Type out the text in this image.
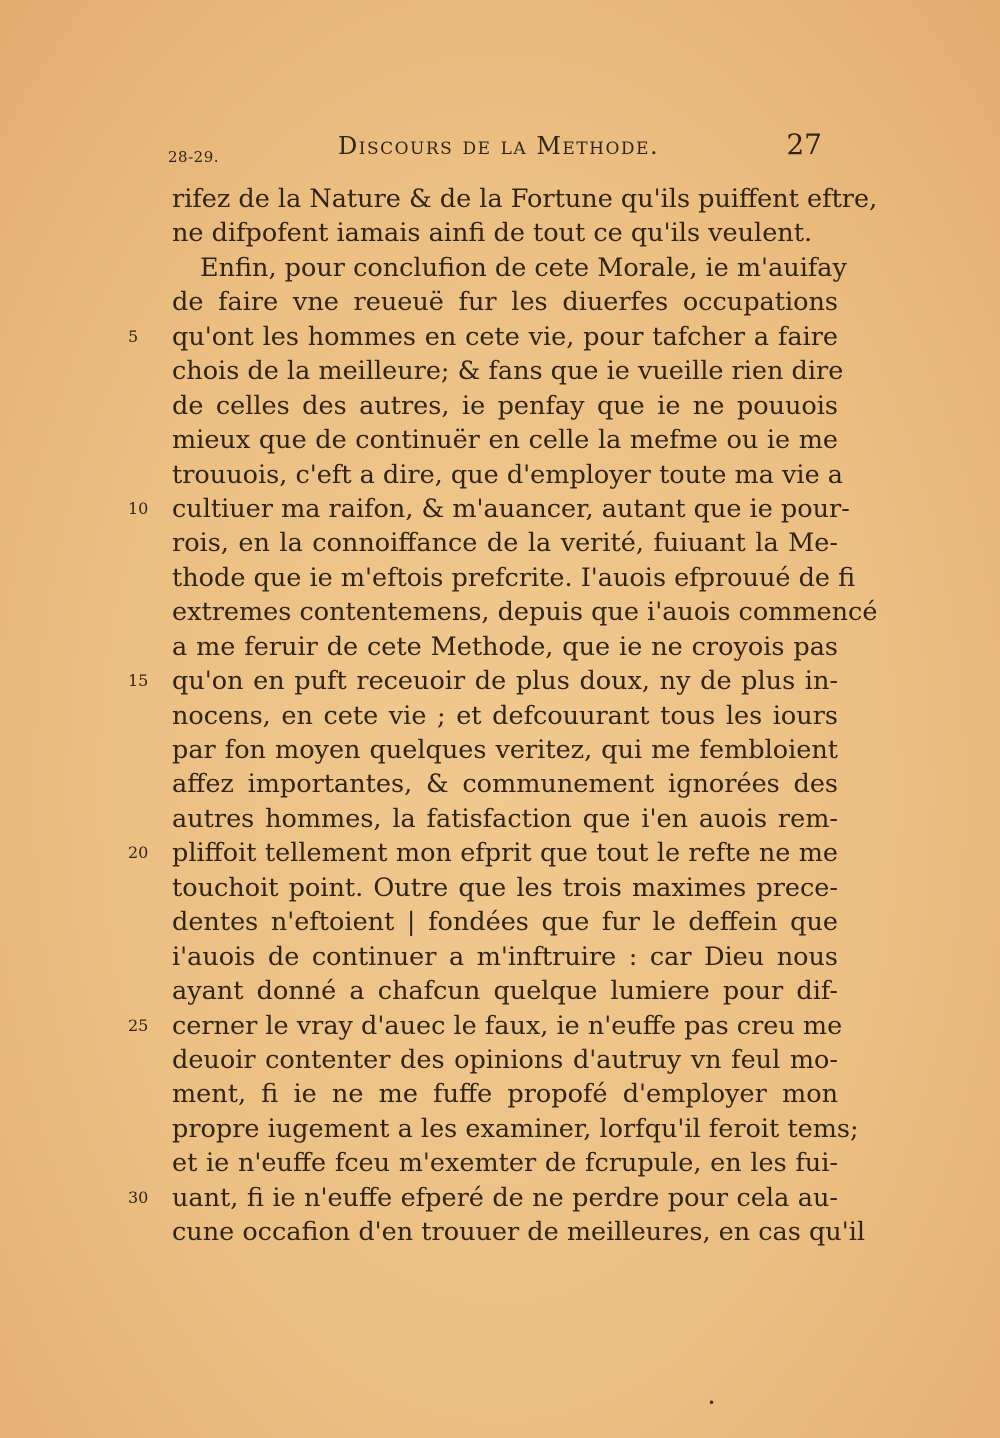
28-29.	Discours de la Methode.	27
rifez de la Nature & de la Fortune qu'ils puiffent eftre,
ne difpofent iamais ainfi de tout ce qu'ils veulent.
Enfin, pour conclufion de cete Morale, ie m'auifay
de faire vne reueuë fur les diuerfes occupations
5	qu'ont les hommes en cete vie, pour tafcher a faire
chois de la meilleure; & fans que ie vueille rien dire
de celles des autres, ie penfay que ie ne pouuois
mieux que de continuër en celle la mefme ou ie me
trouuois, c'eft a dire, que d'employer toute ma vie a
10 cultiuer ma raifon, & m'auancer, autant que ie pour-
rois, en la connoiffance de la verité, fuiuant la Me-
thode que ie m'eftois prefcrite. I'auois efprouué de fi
extremes contentemens, depuis que i'auois commencé
a me feruir de cete Methode, que ie ne croyois pas
15 qu'on en puft receuoir de plus doux, ny de plus in-
nocens, en cete vie ; et defcouurant tous les iours
par fon moyen quelques veritez, qui me fembloient
affez importantes, & communement ignorées des
autres hommes, la fatisfaction que i'en auois rem-
20 pliffoit tellement mon efprit que tout le refte ne me
touchoit point. Outre que les trois maximes prece-
dentes n'eftoient | fondées que fur le deffein que
i'auois de continuer a m'inftruire : car Dieu nous
ayant donné a chafcun quelque lumiere pour dif-
25 cerner le vray d'auec le faux, ie n'euffe pas creu me
deuoir contenter des opinions d'autruy vn feul mo-
ment, fi ie ne me fuffe propofé d'employer mon
propre iugement a les examiner, lorfqu'il feroit tems;
et ie n'euffe fceu m'exemter de fcrupule, en les fui-
30 uant, fi ie n'euffe efperé de ne perdre pour cela au-
cune occafion d'en trouuer de meilleures, en cas qu'il
•
